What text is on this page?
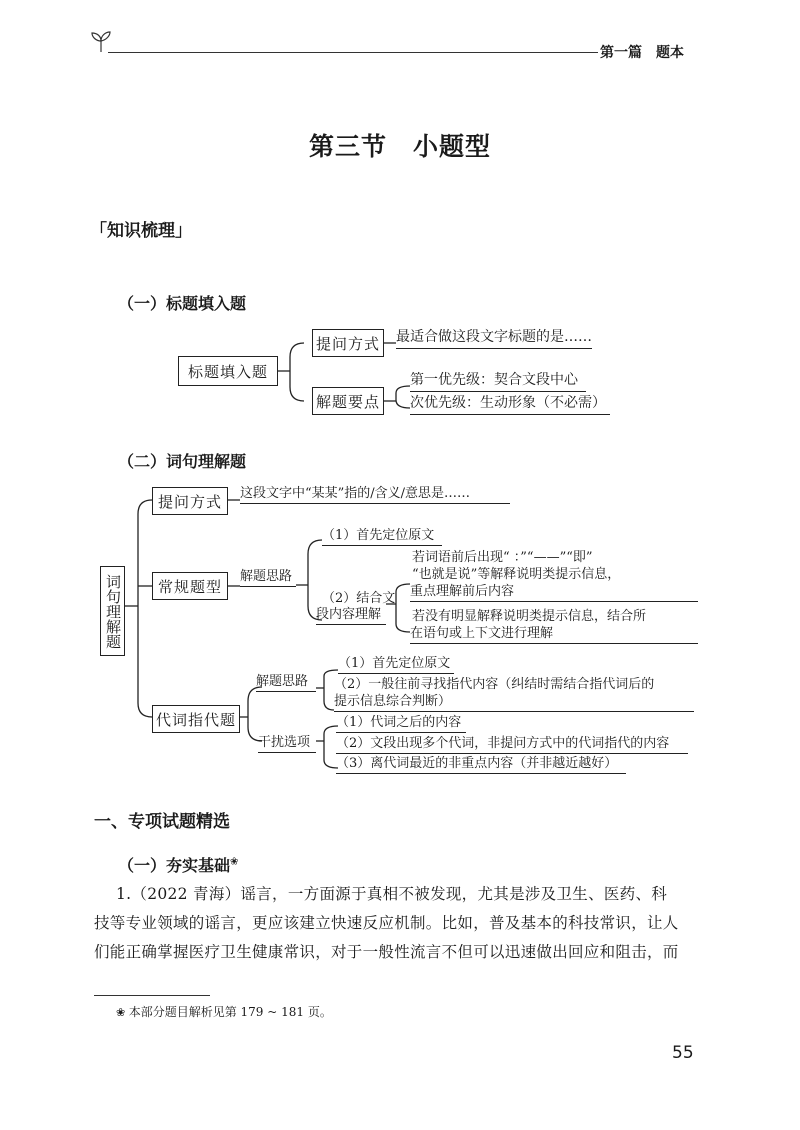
第一篇　题本
第三节　小题型
「知识梳理」
（一）标题填入题
标题填入题
提问方式 最适合做这段文字标题的是……
解题要点
第一优先级：契合文段中心
次优先级：生动形象（不必需）
（二）词句理解题
词句理解题
提问方式	这段文字中“某某”指的/含义/意思是……
常规题型
解题思路
（1）首先定位原文
（2）结合文
段内容理解
若词语前后出现“ ：”“——”“即”
“也就是说”等解释说明类提示信息，
重点理解前后内容
若没有明显解释说明类提示信息，结合所
在语句或上下文进行理解
代词指代题
解题思路
（1）首先定位原文
（2）一般往前寻找指代内容（纠结时需结合指代词后的
提示信息综合判断）
干扰选项
（1）代词之后的内容
（2）文段出现多个代词，非提问方式中的代词指代的内容
（3）离代词最近的非重点内容（并非越近越好）
一、专项试题精选
（一）夯实基础❀
1.（2022 青海）谣言，一方面源于真相不被发现，尤其是涉及卫生、医药、科
技等专业领域的谣言，更应该建立快速反应机制。比如，普及基本的科技常识，让人
们能正确掌握医疗卫生健康常识，对于一般性流言不但可以迅速做出回应和阻击，而
❀ 本部分题目解析见第 179 ~ 181 页。
55
